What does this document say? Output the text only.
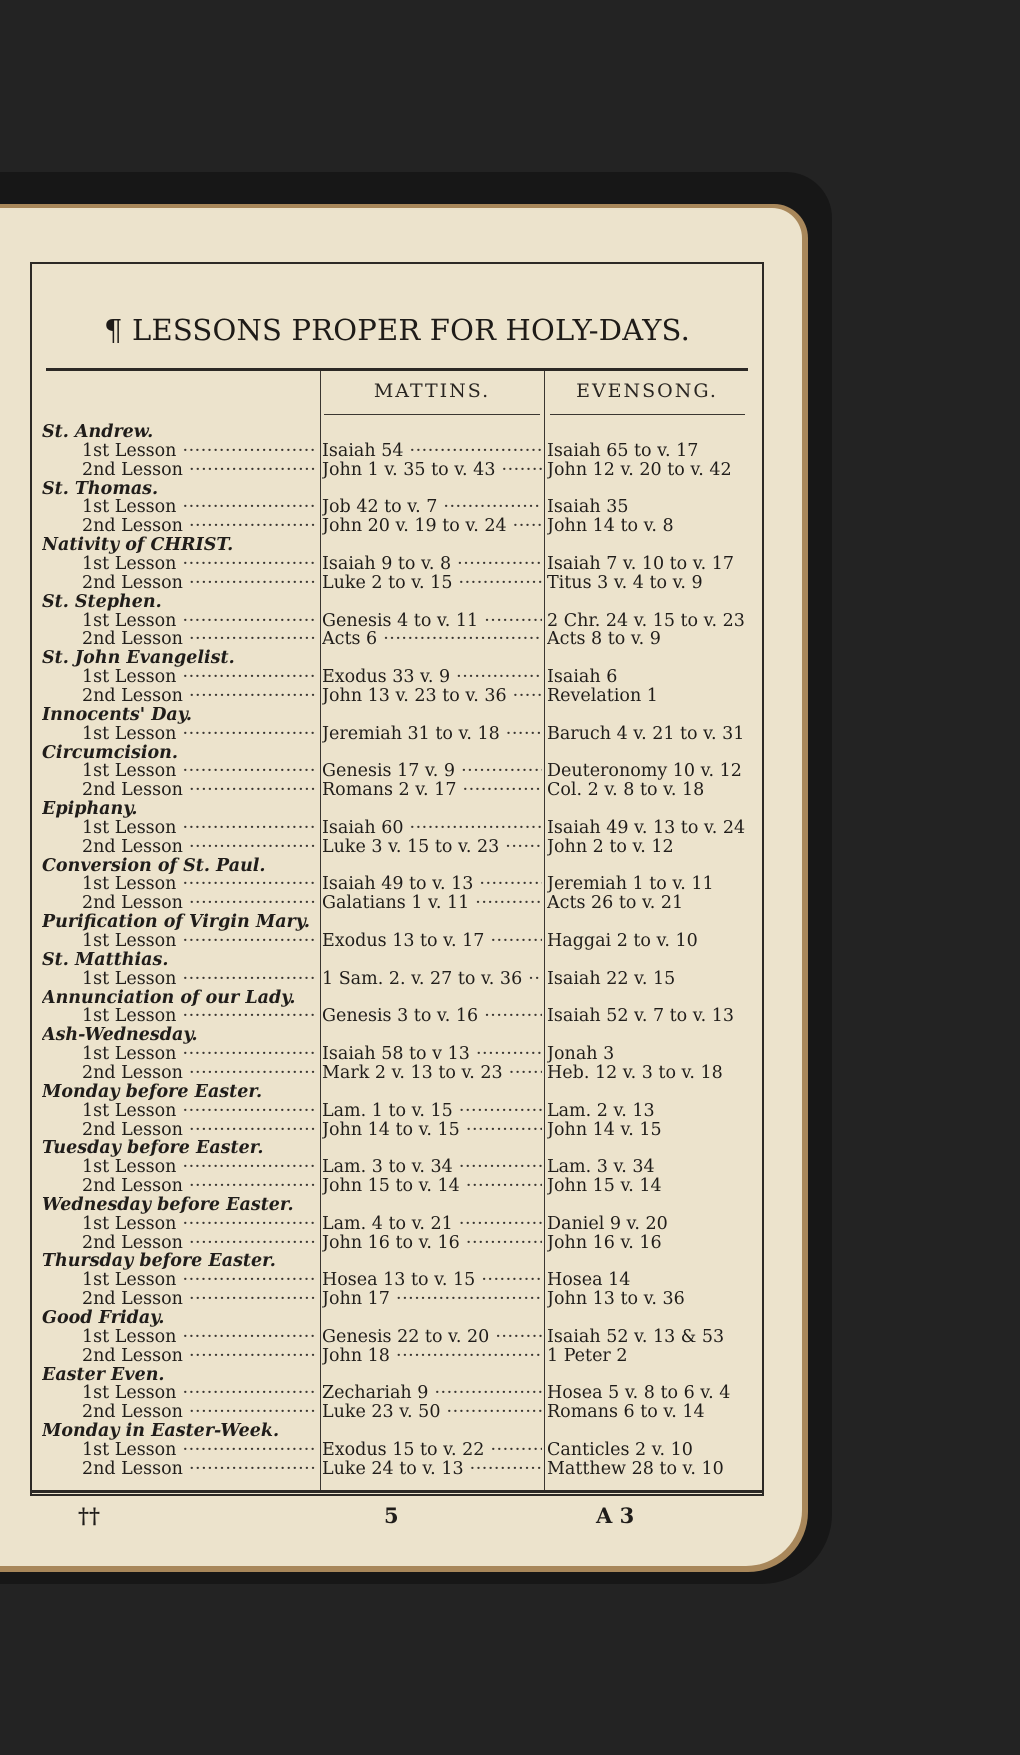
¶ LESSONS PROPER FOR HOLY-DAYS.
MATTINS.	EVENSONG.
St. Andrew.
1st Lesson ·····	Isaiah 54 ·····	Isaiah 65 to v. 17
2nd Lesson ·····	John 1 v. 35 to v. 43 ·····	John 12 v. 20 to v. 42
St. Thomas.
1st Lesson ·····	Job 42 to v. 7 ·····	Isaiah 35
2nd Lesson ·····	John 20 v. 19 to v. 24 ·····	John 14 to v. 8
Nativity of CHRIST.
1st Lesson ·····	Isaiah 9 to v. 8 ·····	Isaiah 7 v. 10 to v. 17
2nd Lesson ·····	Luke 2 to v. 15 ·····	Titus 3 v. 4 to v. 9
St. Stephen.
1st Lesson ·····	Genesis 4 to v. 11 ·····	2 Chr. 24 v. 15 to v. 23
2nd Lesson ·····	Acts 6 ·····	Acts 8 to v. 9
St. John Evangelist.
1st Lesson ·····	Exodus 33 v. 9 ·····	Isaiah 6
2nd Lesson ·····	John 13 v. 23 to v. 36 ·····	Revelation 1
Innocents' Day.
1st Lesson ·····	Jeremiah 31 to v. 18 ·····	Baruch 4 v. 21 to v. 31
Circumcision.
1st Lesson ·····	Genesis 17 v. 9 ·····	Deuteronomy 10 v. 12
2nd Lesson ·····	Romans 2 v. 17 ·····	Col. 2 v. 8 to v. 18
Epiphany.
1st Lesson ·····	Isaiah 60 ·····	Isaiah 49 v. 13 to v. 24
2nd Lesson ·····	Luke 3 v. 15 to v. 23 ·····	John 2 to v. 12
Conversion of St. Paul.
1st Lesson ·····	Isaiah 49 to v. 13 ·····	Jeremiah 1 to v. 11
2nd Lesson ·····	Galatians 1 v. 11 ·····	Acts 26 to v. 21
Purification of Virgin Mary.
1st Lesson ·····	Exodus 13 to v. 17 ·····	Haggai 2 to v. 10
St. Matthias.
1st Lesson ·····	1 Sam. 2. v. 27 to v. 36 ·····	Isaiah 22 v. 15
Annunciation of our Lady.
1st Lesson ·····	Genesis 3 to v. 16 ·····	Isaiah 52 v. 7 to v. 13
Ash-Wednesday.
1st Lesson ·····	Isaiah 58 to v 13 ·····	Jonah 3
2nd Lesson ·····	Mark 2 v. 13 to v. 23 ·····	Heb. 12 v. 3 to v. 18
Monday before Easter.
1st Lesson ·····	Lam. 1 to v. 15 ·····	Lam. 2 v. 13
2nd Lesson ·····	John 14 to v. 15 ·····	John 14 v. 15
Tuesday before Easter.
1st Lesson ·····	Lam. 3 to v. 34 ·····	Lam. 3 v. 34
2nd Lesson ·····	John 15 to v. 14 ·····	John 15 v. 14
Wednesday before Easter.
1st Lesson ·····	Lam. 4 to v. 21 ·····	Daniel 9 v. 20
2nd Lesson ·····	John 16 to v. 16 ·····	John 16 v. 16
Thursday before Easter.
1st Lesson ·····	Hosea 13 to v. 15 ·····	Hosea 14
2nd Lesson ·····	John 17 ·····	John 13 to v. 36
Good Friday.
1st Lesson ·····	Genesis 22 to v. 20 ·····	Isaiah 52 v. 13 & 53
2nd Lesson ·····	John 18 ·····	1 Peter 2
Easter Even.
1st Lesson ·····	Zechariah 9 ·····	Hosea 5 v. 8 to 6 v. 4
2nd Lesson ·····	Luke 23 v. 50 ·····	Romans 6 to v. 14
Monday in Easter-Week.
1st Lesson ·····	Exodus 15 to v. 22 ·····	Canticles 2 v. 10
2nd Lesson ·····	Luke 24 to v. 13 ·····	Matthew 28 to v. 10
††	5	A 3
